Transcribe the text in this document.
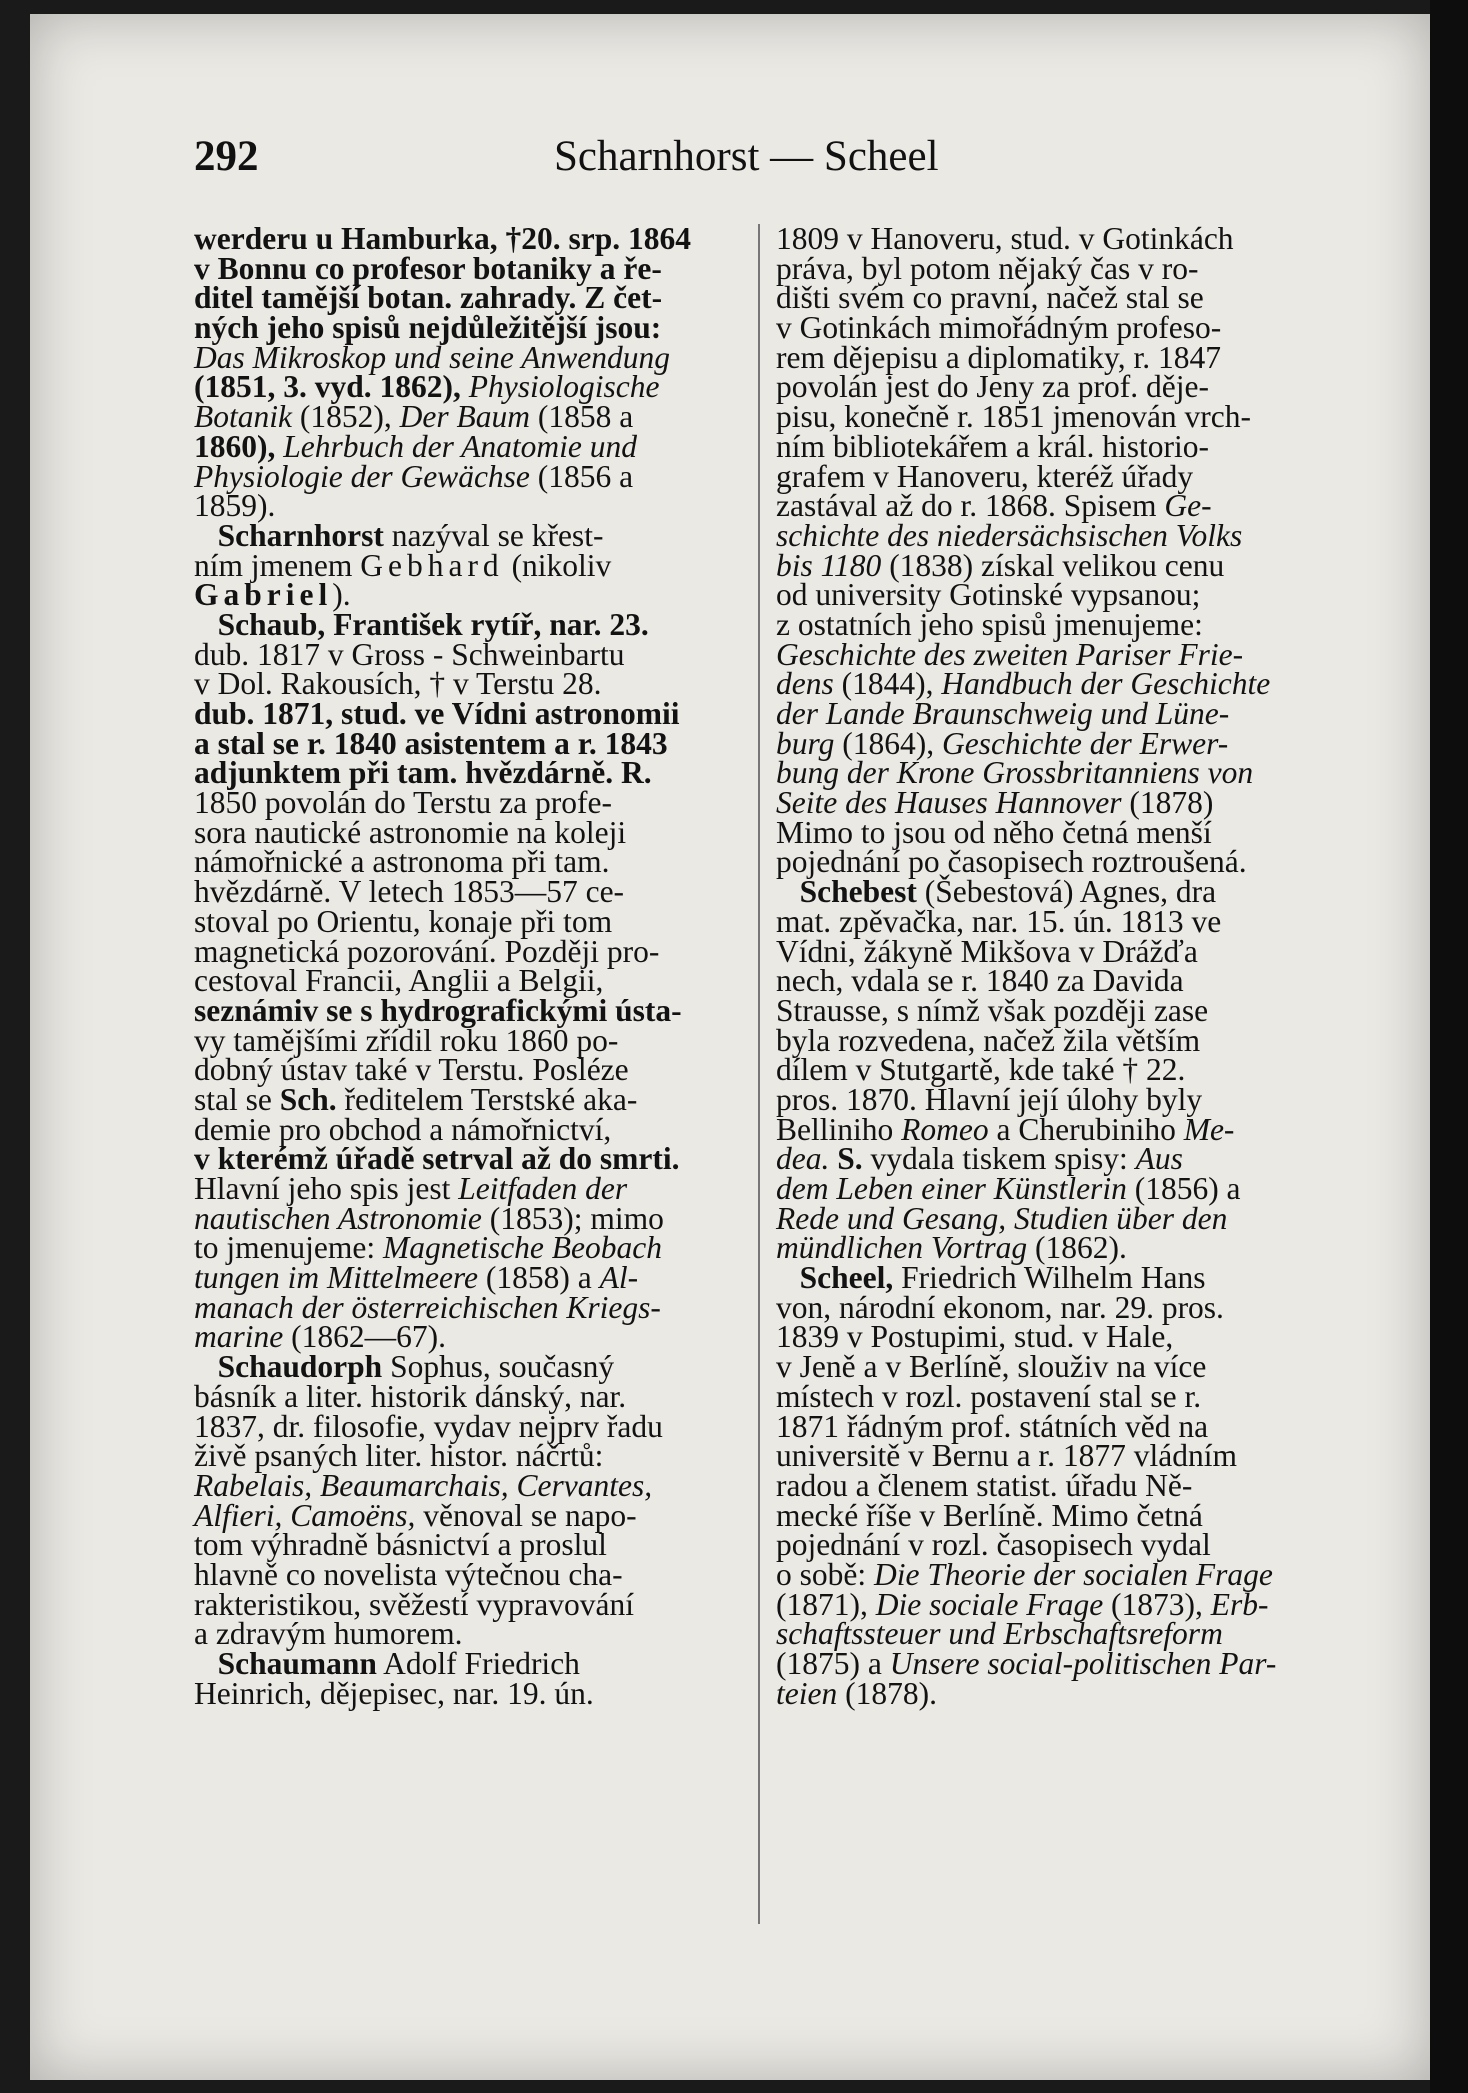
292	Scharnhorst — Scheel
werderu u Hamburka, †20. srp. 1864
v Bonnu co profesor botaniky a ře-
ditel tamější botan. zahrady. Z čet-
ných jeho spisů nejdůležitější jsou:
Das Mikroskop und seine Anwendung
(1851, 3. vyd. 1862), Physiologische
Botanik (1852), Der Baum (1858 a
1860), Lehrbuch der Anatomie und
Physiologie der Gewächse (1856 a
1859).
Scharnhorst nazýval se křest-
ním jmenem Gebhard (nikoliv
Gabriel).
Schaub, František rytíř, nar. 23.
dub. 1817 v Gross - Schweinbartu
v Dol. Rakousích, † v Terstu 28.
dub. 1871, stud. ve Vídni astronomii
a stal se r. 1840 asistentem a r. 1843
adjunktem při tam. hvězdárně. R.
1850 povolán do Terstu za profe-
sora nautické astronomie na koleji
námořnické a astronoma při tam.
hvězdárně. V letech 1853—57 ce-
stoval po Orientu, konaje při tom
magnetická pozorování. Později pro-
cestoval Francii, Anglii a Belgii,
seznámiv se s hydrografickými ústa-
vy tamějšími zřídil roku 1860 po-
dobný ústav také v Terstu. Posléze
stal se Sch. ředitelem Terstské aka-
demie pro obchod a námořnictví,
v kterémž úřadě setrval až do smrti.
Hlavní jeho spis jest Leitfaden der
nautischen Astronomie (1853); mimo
to jmenujeme: Magnetische Beobach
tungen im Mittelmeere (1858) a Al-
manach der österreichischen Kriegs-
marine (1862—67).
Schaudorph Sophus, současný
básník a liter. historik dánský, nar.
1837, dr. filosofie, vydav nejprv řadu
živě psaných liter. histor. náčrtů:
Rabelais, Beaumarchais, Cervantes,
Alfieri, Camoëns, věnoval se napo-
tom výhradně básnictví a proslul
hlavně co novelista výtečnou cha-
rakteristikou, svěžestí vypravování
a zdravým humorem.
Schaumann Adolf Friedrich
Heinrich, dějepisec, nar. 19. ún.
1809 v Hanoveru, stud. v Gotinkách
práva, byl potom nějaký čas v ro-
dišti svém co pravní, načež stal se
v Gotinkách mimořádným profeso-
rem dějepisu a diplomatiky, r. 1847
povolán jest do Jeny za prof. děje-
pisu, konečně r. 1851 jmenován vrch-
ním bibliotekářem a král. historio-
grafem v Hanoveru, kteréž úřady
zastával až do r. 1868. Spisem Ge-
schichte des niedersächsischen Volks
bis 1180 (1838) získal velikou cenu
od university Gotinské vypsanou;
z ostatních jeho spisů jmenujeme:
Geschichte des zweiten Pariser Frie-
dens (1844), Handbuch der Geschichte
der Lande Braunschweig und Lüne-
burg (1864), Geschichte der Erwer-
bung der Krone Grossbritanniens von
Seite des Hauses Hannover (1878)
Mimo to jsou od něho četná menší
pojednání po časopisech roztroušená.
Schebest (Šebestová) Agnes, dra
mat. zpěvačka, nar. 15. ún. 1813 ve
Vídni, žákyně Mikšova v Drážďa
nech, vdala se r. 1840 za Davida
Strausse, s nímž však později zase
byla rozvedena, načež žila větším
dílem v Stutgartě, kde také † 22.
pros. 1870. Hlavní její úlohy byly
Belliniho Romeo a Cherubiniho Me-
dea. S. vydala tiskem spisy: Aus
dem Leben einer Künstlerin (1856) a
Rede und Gesang, Studien über den
mündlichen Vortrag (1862).
Scheel, Friedrich Wilhelm Hans
von, národní ekonom, nar. 29. pros.
1839 v Postupimi, stud. v Hale,
v Jeně a v Berlíně, slouživ na více
místech v rozl. postavení stal se r.
1871 řádným prof. státních věd na
universitě v Bernu a r. 1877 vládním
radou a členem statist. úřadu Ně-
mecké říše v Berlíně. Mimo četná
pojednání v rozl. časopisech vydal
o sobě: Die Theorie der socialen Frage
(1871), Die sociale Frage (1873), Erb-
schaftssteuer und Erbschaftsreform
(1875) a Unsere social-politischen Par-
teien (1878).
